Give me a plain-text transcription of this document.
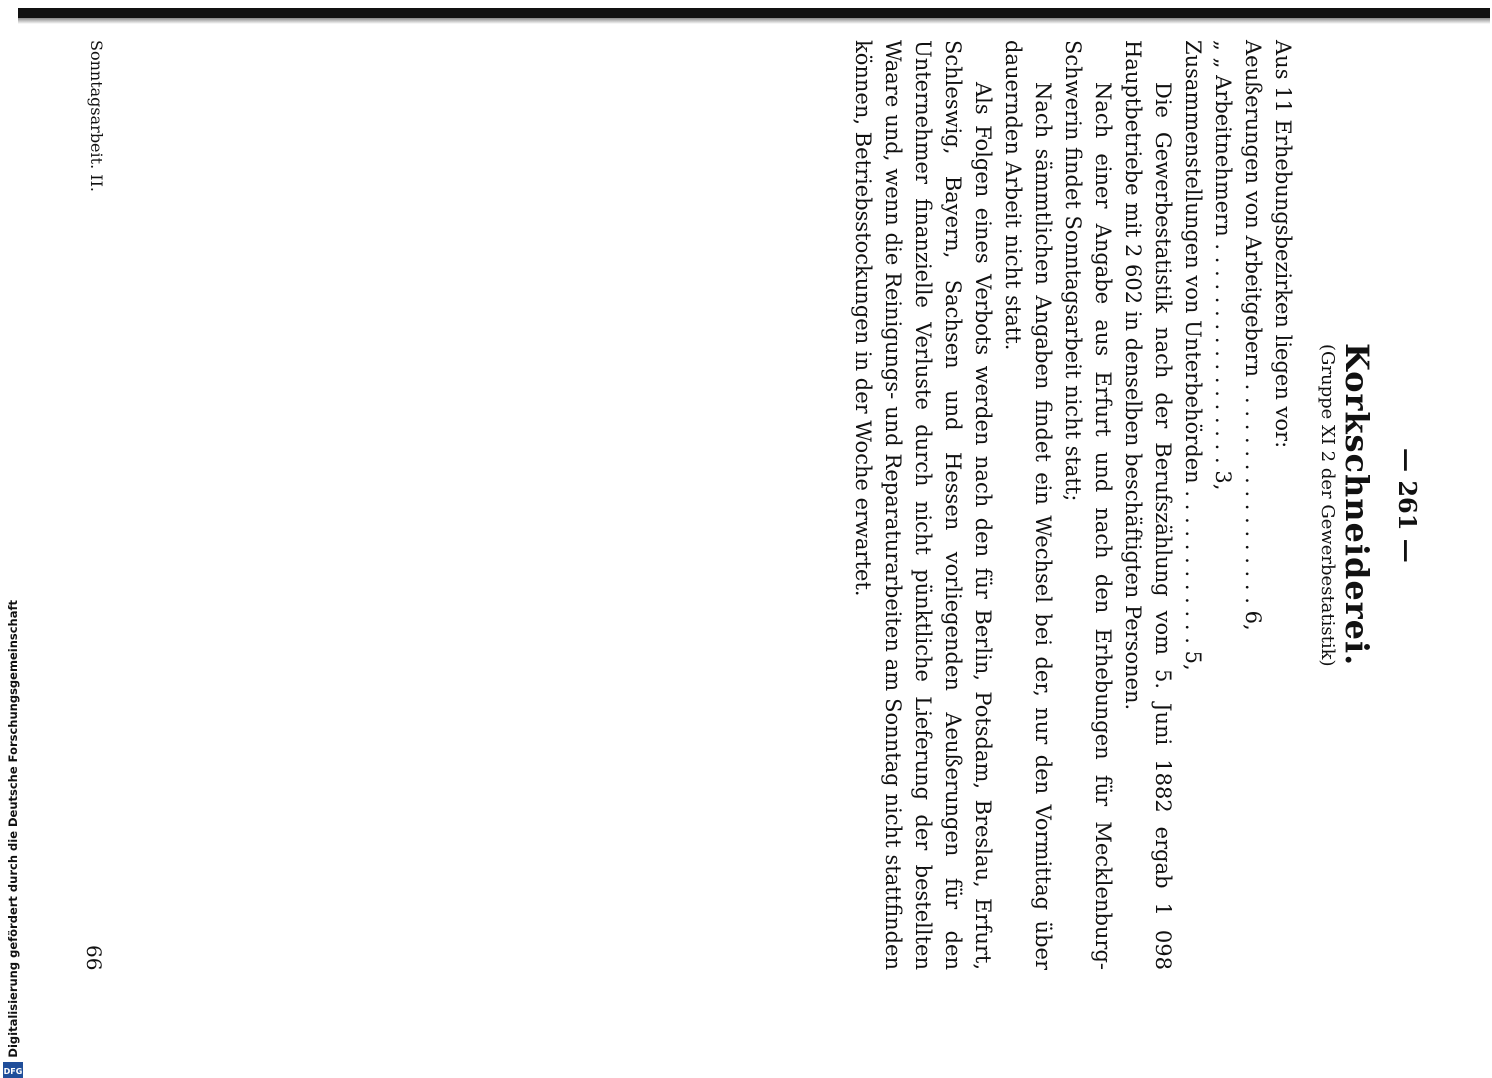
— 261 —
Korkschneiderei.
(Gruppe XI 2 der Gewerbestatistik)
Aus 11 Erhebungsbezirken liegen vor:
Aeußerungen von Arbeitgebern . . . . . . . . . . . . . . . . . 6,
„ „ Arbeitnehmern . . . . . . . . . . . . . . . . . 3,
Zusammenstellungen von Unterbehörden . . . . . . . . . . . . 5,
Die Gewerbestatistik nach der Berufszählung vom 5. Juni 1882 ergab 1 098 Hauptbetriebe mit 2 602 in denselben beschäftigten Personen.
Nach einer Angabe aus Erfurt und nach den Erhebungen für Mecklenburg-Schwerin findet Sonntagsarbeit nicht statt;
Nach sämmtlichen Angaben findet ein Wechsel bei der, nur den Vormittag über dauernden Arbeit nicht statt.
Als Folgen eines Verbots werden nach den für Berlin, Potsdam, Breslau, Erfurt, Schleswig, Bayern, Sachsen und Hessen vorliegenden Aeußerungen für den Unternehmer finanzielle Verluste durch nicht pünktliche Lieferung der bestellten Waare und, wenn die Reinigungs- und Reparaturarbeiten am Sonntag nicht stattfinden können, Betriebsstockungen in der Woche erwartet.
Sonntagsarbeit. II.
66
Digitalisierung gefördert durch die Deutsche Forschungsgemeinschaft
DFG
